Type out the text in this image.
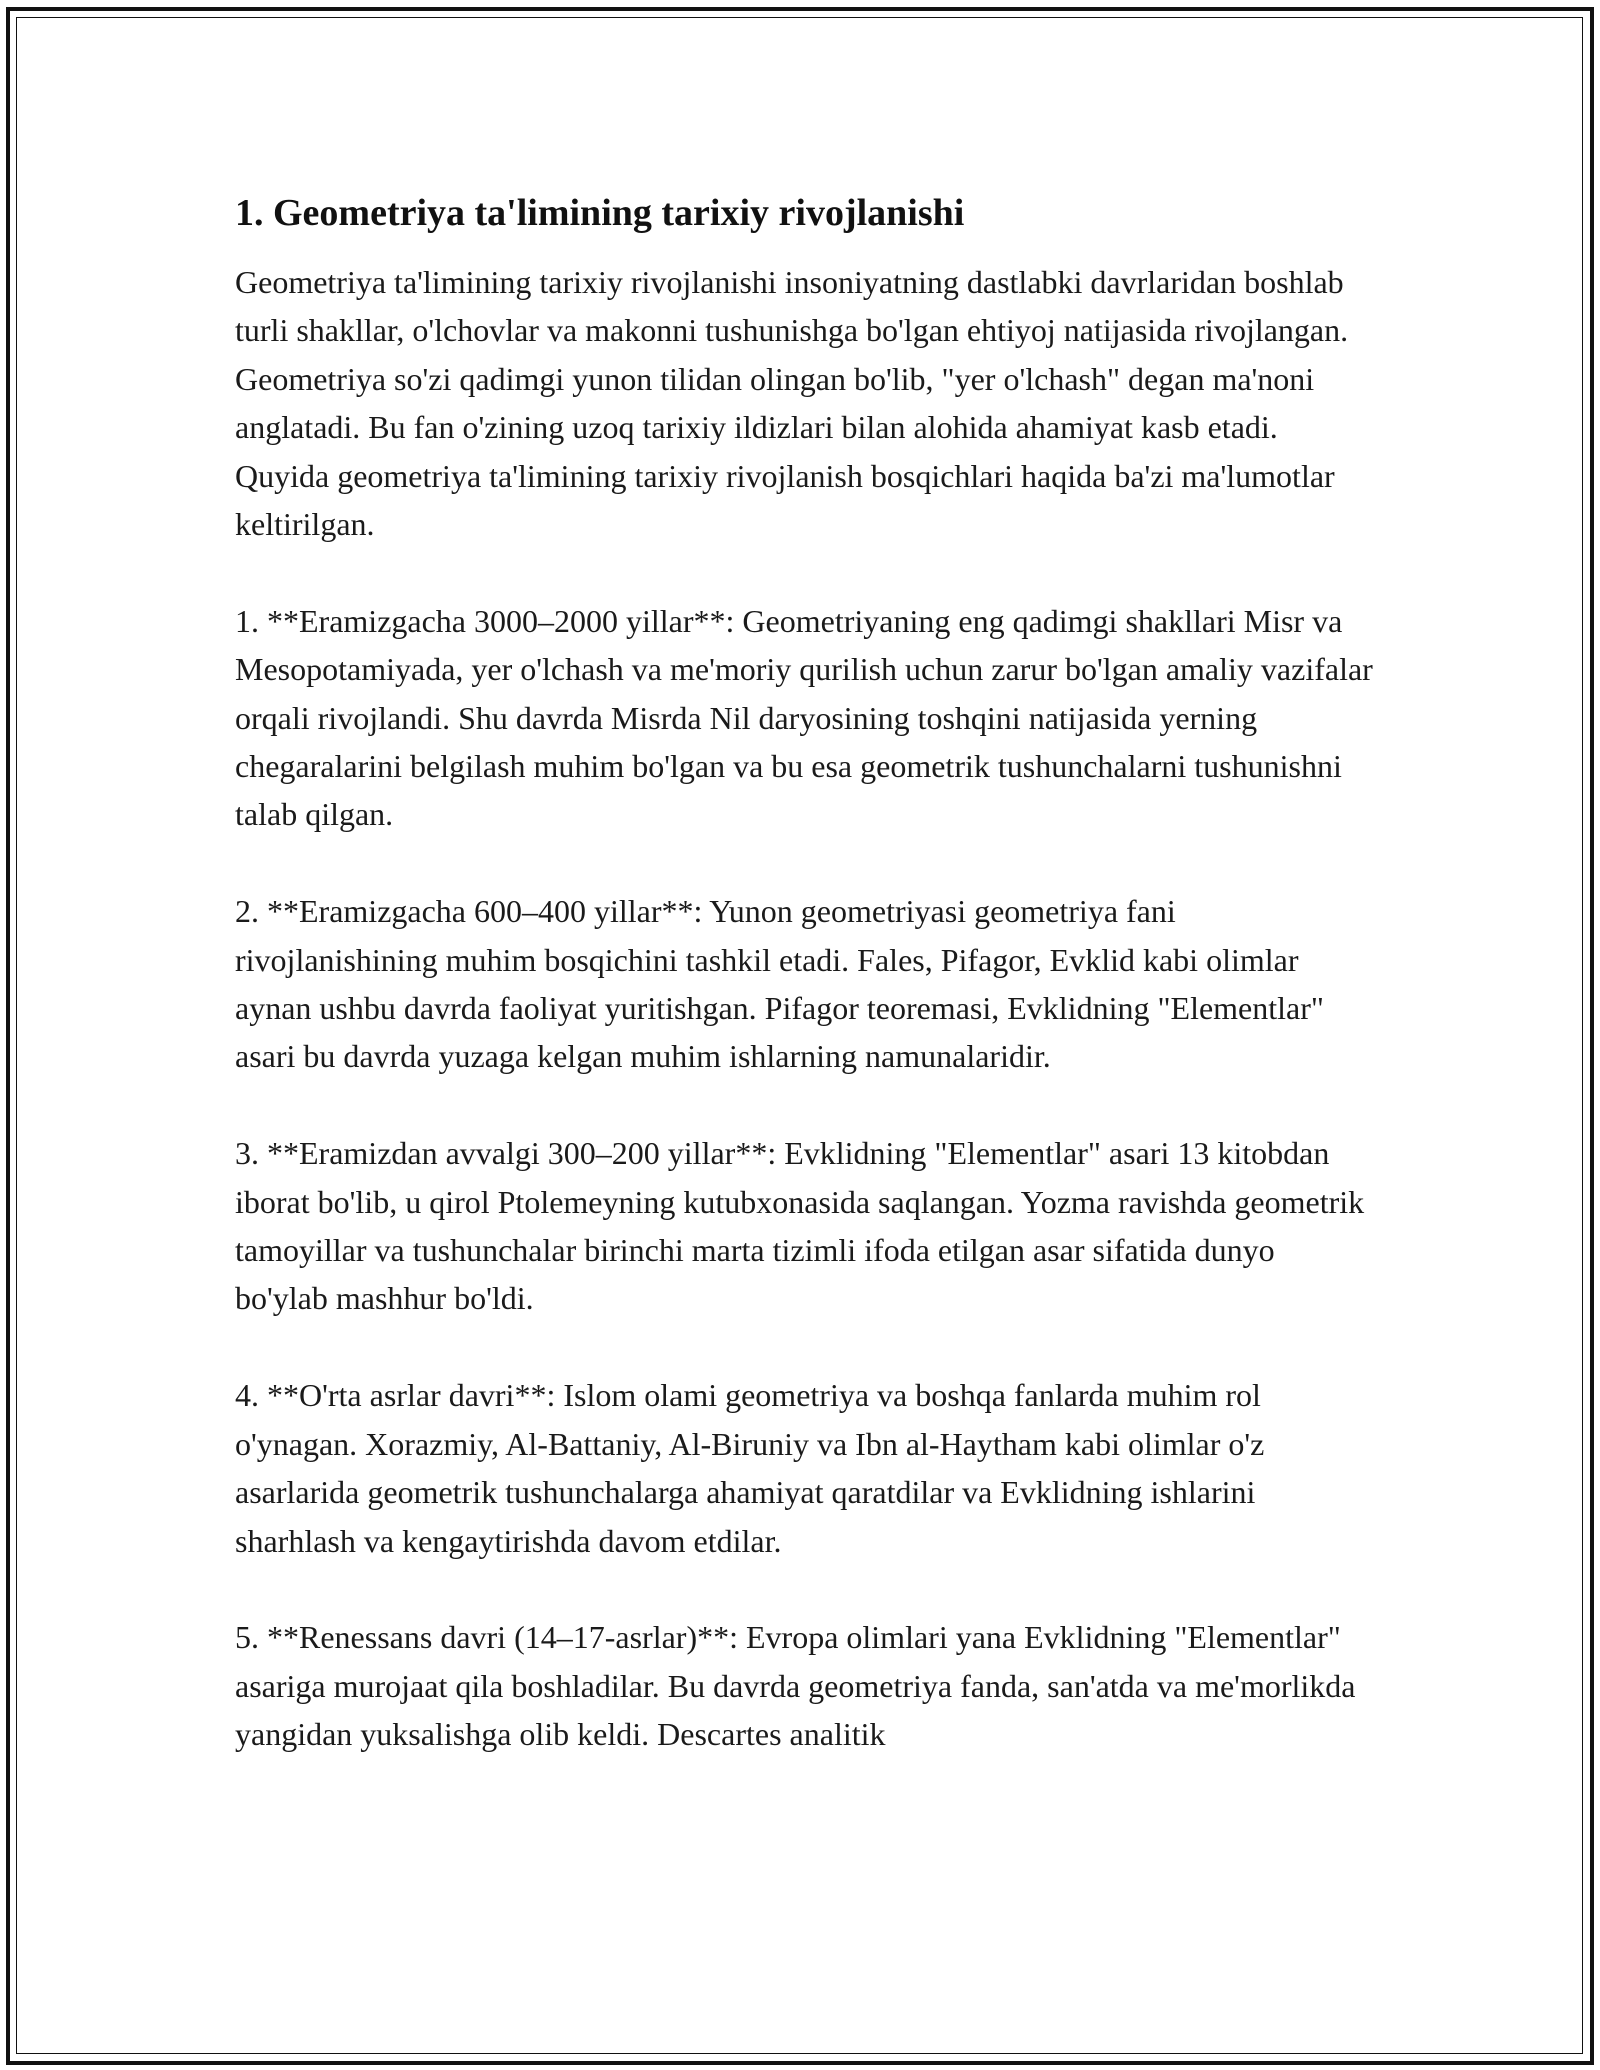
1. Geometriya ta'limining tarixiy rivojlanishi

Geometriya ta'limining tarixiy rivojlanishi insoniyatning dastlabki davrlaridan boshlab turli shakllar, o'lchovlar va makonni tushunishga bo'lgan ehtiyoj natijasida rivojlangan. Geometriya so'zi qadimgi yunon tilidan olingan bo'lib, "yer o'lchash" degan ma'noni anglatadi. Bu fan o'zining uzoq tarixiy ildizlari bilan alohida ahamiyat kasb etadi. Quyida geometriya ta'limining tarixiy rivojlanish bosqichlari haqida ba'zi ma'lumotlar keltirilgan.

1. **Eramizgacha 3000–2000 yillar**: Geometriyaning eng qadimgi shakllari Misr va Mesopotamiyada, yer o'lchash va me'moriy qurilish uchun zarur bo'lgan amaliy vazifalar orqali rivojlandi. Shu davrda Misrda Nil daryosining toshqini natijasida yerning chegaralarini belgilash muhim bo'lgan va bu esa geometrik tushunchalarni tushunishni talab qilgan.

2. **Eramizgacha 600–400 yillar**: Yunon geometriyasi geometriya fani rivojlanishining muhim bosqichini tashkil etadi. Fales, Pifagor, Evklid kabi olimlar aynan ushbu davrda faoliyat yuritishgan. Pifagor teoremasi, Evklidning "Elementlar" asari bu davrda yuzaga kelgan muhim ishlarning namunalaridir.

3. **Eramizdan avvalgi 300–200 yillar**: Evklidning "Elementlar" asari 13 kitobdan iborat bo'lib, u qirol Ptolemeyning kutubxonasida saqlangan. Yozma ravishda geometrik tamoyillar va tushunchalar birinchi marta tizimli ifoda etilgan asar sifatida dunyo bo'ylab mashhur bo'ldi.

4. **O'rta asrlar davri**: Islom olami geometriya va boshqa fanlarda muhim rol o'ynagan. Xorazmiy, Al-Battaniy, Al-Biruniy va Ibn al-Haytham kabi olimlar o'z asarlarida geometrik tushunchalarga ahamiyat qaratdilar va Evklidning ishlarini sharhlash va kengaytirishda davom etdilar.

5. **Renessans davri (14–17-asrlar)**: Evropa olimlari yana Evklidning "Elementlar" asariga murojaat qila boshladilar. Bu davrda geometriya fanda, san'atda va me'morlikda yangidan yuksalishga olib keldi. Descartes analitik
